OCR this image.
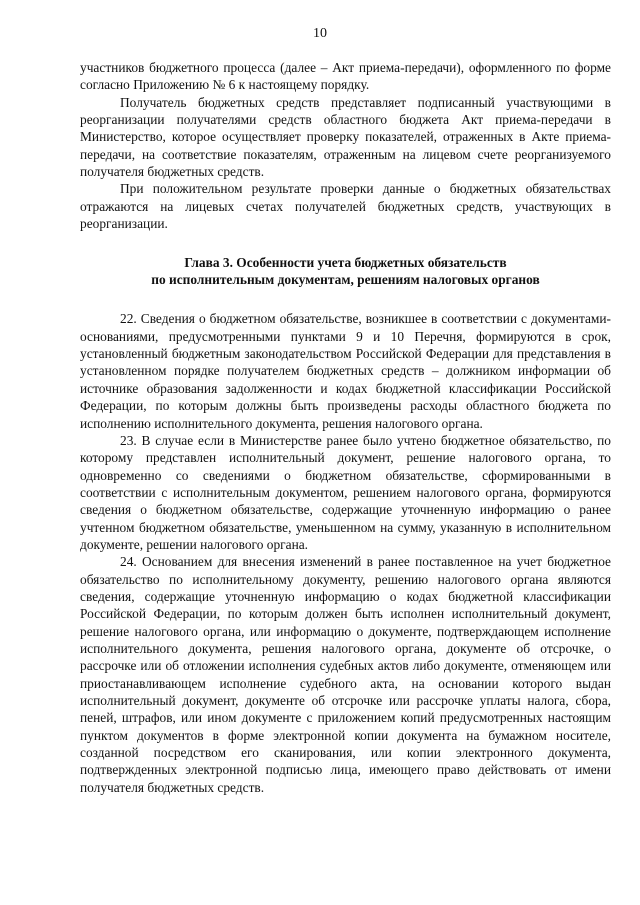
10

участников бюджетного процесса (далее – Акт приема-передачи), оформленного по форме согласно Приложению № 6 к настоящему порядку.

Получатель бюджетных средств представляет подписанный участвующими в реорганизации получателями средств областного бюджета Акт приема-передачи в Министерство, которое осуществляет проверку показателей, отраженных в Акте приема-передачи, на соответствие показателям, отраженным на лицевом счете реорганизуемого получателя бюджетных средств.

При положительном результате проверки данные о бюджетных обязательствах отражаются на лицевых счетах получателей бюджетных средств, участвующих в реорганизации.

Глава 3. Особенности учета бюджетных обязательств
по исполнительным документам, решениям налоговых органов

22. Сведения о бюджетном обязательстве, возникшее в соответствии с документами-основаниями, предусмотренными пунктами 9 и 10 Перечня, формируются в срок, установленный бюджетным законодательством Российской Федерации для представления в установленном порядке получателем бюджетных средств – должником информации об источнике образования задолженности и кодах бюджетной классификации Российской Федерации, по которым должны быть произведены расходы областного бюджета по исполнению исполнительного документа, решения налогового органа.

23. В случае если в Министерстве ранее было учтено бюджетное обязательство, по которому представлен исполнительный документ, решение налогового органа, то одновременно со сведениями о бюджетном обязательстве, сформированными в соответствии с исполнительным документом, решением налогового органа, формируются сведения о бюджетном обязательстве, содержащие уточненную информацию о ранее учтенном бюджетном обязательстве, уменьшенном на сумму, указанную в исполнительном документе, решении налогового органа.

24. Основанием для внесения изменений в ранее поставленное на учет бюджетное обязательство по исполнительному документу, решению налогового органа являются сведения, содержащие уточненную информацию о кодах бюджетной классификации Российской Федерации, по которым должен быть исполнен исполнительный документ, решение налогового органа, или информацию о документе, подтверждающем исполнение исполнительного документа, решения налогового органа, документе об отсрочке, о рассрочке или об отложении исполнения судебных актов либо документе, отменяющем или приостанавливающем исполнение судебного акта, на основании которого выдан исполнительный документ, документе об отсрочке или рассрочке уплаты налога, сбора, пеней, штрафов, или ином документе с приложением копий предусмотренных настоящим пунктом документов в форме электронной копии документа на бумажном носителе, созданной посредством его сканирования, или копии электронного документа, подтвержденных электронной подписью лица, имеющего право действовать от имени получателя бюджетных средств.
